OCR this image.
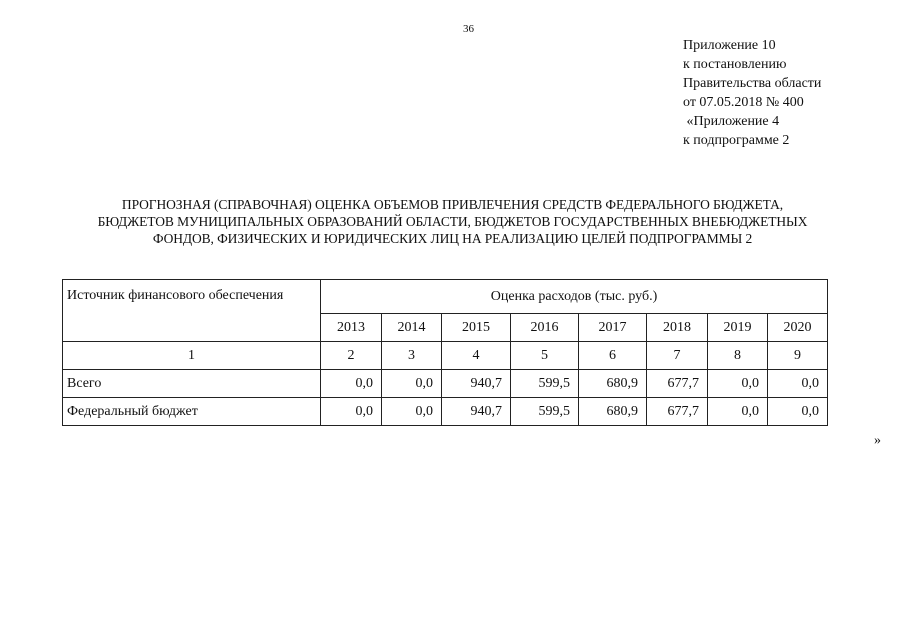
36
Приложение 10
к постановлению
Правительства области
от 07.05.2018 № 400
«Приложение 4
к подпрограмме 2
ПРОГНОЗНАЯ (СПРАВОЧНАЯ) ОЦЕНКА ОБЪЕМОВ ПРИВЛЕЧЕНИЯ СРЕДСТВ ФЕДЕРАЛЬНОГО БЮДЖЕТА,
БЮДЖЕТОВ МУНИЦИПАЛЬНЫХ ОБРАЗОВАНИЙ ОБЛАСТИ, БЮДЖЕТОВ ГОСУДАРСТВЕННЫХ ВНЕБЮДЖЕТНЫХ
ФОНДОВ, ФИЗИЧЕСКИХ И ЮРИДИЧЕСКИХ ЛИЦ НА РЕАЛИЗАЦИЮ ЦЕЛЕЙ ПОДПРОГРАММЫ 2
Источник финансового обеспечения	Оценка расходов (тыс. руб.)							
	2013	2014	2015	2016	2017	2018	2019	2020
1	2	3	4	5	6	7	8	9
Всего	0,0	0,0	940,7	599,5	680,9	677,7	0,0	0,0
Федеральный бюджет	0,0	0,0	940,7	599,5	680,9	677,7	0,0	0,0
»
